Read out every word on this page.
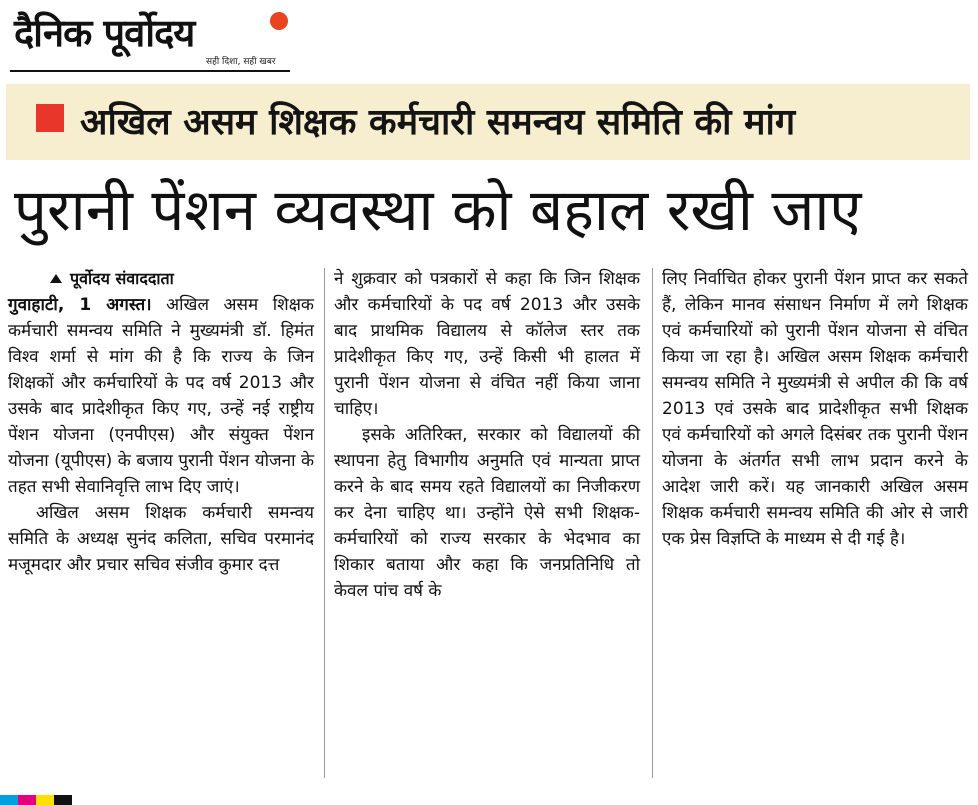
दैनिक पूर्वोदय
सही दिशा, सही खबर
अखिल असम शिक्षक कर्मचारी समन्वय समिति की मांग
पुरानी पेंशन व्यवस्था को बहाल रखी जाए
पूर्वोदय संवाददाता

गुवाहाटी, 1 अगस्त। अखिल असम शिक्षक कर्मचारी समन्वय समिति ने मुख्यमंत्री डॉ. हिमंत विश्व शर्मा से मांग की है कि राज्य के जिन शिक्षकों और कर्मचारियों के पद वर्ष 2013 और उसके बाद प्रादेशीकृत किए गए, उन्हें नई राष्ट्रीय पेंशन योजना (एनपीएस) और संयुक्त पेंशन योजना (यूपीएस) के बजाय पुरानी पेंशन योजना के तहत सभी सेवानिवृत्ति लाभ दिए जाएं।

अखिल असम शिक्षक कर्मचारी समन्वय समिति के अध्यक्ष सुनंद कलिता, सचिव परमानंद मजूमदार और प्रचार सचिव संजीव कुमार दत्त

ने शुक्रवार को पत्रकारों से कहा कि जिन शिक्षक और कर्मचारियों के पद वर्ष 2013 और उसके बाद प्राथमिक विद्यालय से कॉलेज स्तर तक प्रादेशीकृत किए गए, उन्हें किसी भी हालत में पुरानी पेंशन योजना से वंचित नहीं किया जाना चाहिए।

इसके अतिरिक्त, सरकार को विद्यालयों की स्थापना हेतु विभागीय अनुमति एवं मान्यता प्राप्त करने के बाद समय रहते विद्यालयों का निजीकरण कर देना चाहिए था। उन्होंने ऐसे सभी शिक्षक-कर्मचारियों को राज्य सरकार के भेदभाव का शिकार बताया और कहा कि जनप्रतिनिधि तो केवल पांच वर्ष के

लिए निर्वाचित होकर पुरानी पेंशन प्राप्त कर सकते हैं, लेकिन मानव संसाधन निर्माण में लगे शिक्षक एवं कर्मचारियों को पुरानी पेंशन योजना से वंचित किया जा रहा है। अखिल असम शिक्षक कर्मचारी समन्वय समिति ने मुख्यमंत्री से अपील की कि वर्ष 2013 एवं उसके बाद प्रादेशीकृत सभी शिक्षक एवं कर्मचारियों को अगले दिसंबर तक पुरानी पेंशन योजना के अंतर्गत सभी लाभ प्रदान करने के आदेश जारी करें। यह जानकारी अखिल असम शिक्षक कर्मचारी समन्वय समिति की ओर से जारी एक प्रेस विज्ञप्ति के माध्यम से दी गई है।
